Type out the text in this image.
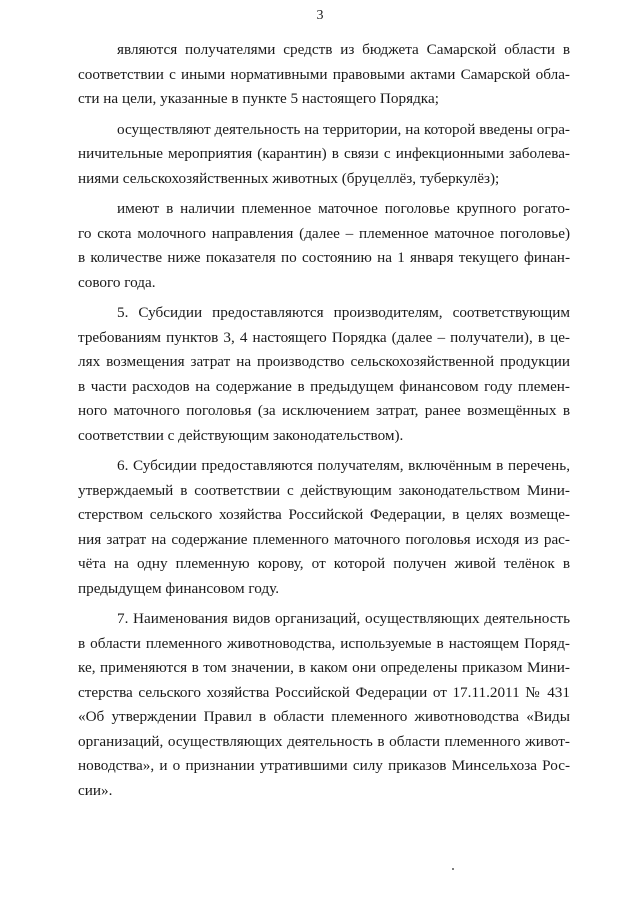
3

являются получателями средств из бюджета Самарской области в
соответствии с иными нормативными правовыми актами Самарской обла-
сти на цели, указанные в пункте 5 настоящего Порядка;

осуществляют деятельность на территории, на которой введены огра-
ничительные мероприятия (карантин) в связи с инфекционными заболева-
ниями сельскохозяйственных животных (бруцеллёз, туберкулёз);

имеют в наличии племенное маточное поголовье крупного рогато-
го скота молочного направления (далее – племенное маточное поголовье)
в количестве ниже показателя по состоянию на 1 января текущего финан-
сового года.

5. Субсидии предоставляются производителям, соответствующим
требованиям пунктов 3, 4 настоящего Порядка (далее – получатели), в це-
лях возмещения затрат на производство сельскохозяйственной продукции
в части расходов на содержание в предыдущем финансовом году племен-
ного маточного поголовья (за исключением затрат, ранее возмещённых в
соответствии с действующим законодательством).

6. Субсидии предоставляются получателям, включённым в перечень,
утверждаемый в соответствии с действующим законодательством Мини-
стерством сельского хозяйства Российской Федерации, в целях возмеще-
ния затрат на содержание племенного маточного поголовья исходя из рас-
чёта на одну племенную корову, от которой получен живой телёнок в
предыдущем финансовом году.

7. Наименования видов организаций, осуществляющих деятельность
в области племенного животноводства, используемые в настоящем Поряд-
ке, применяются в том значении, в каком они определены приказом Мини-
стерства сельского хозяйства Российской Федерации от 17.11.2011 № 431
«Об утверждении Правил в области племенного животноводства «Виды
организаций, осуществляющих деятельность в области племенного живот-
новодства», и о признании утратившими силу приказов Минсельхоза Рос-
сии».
